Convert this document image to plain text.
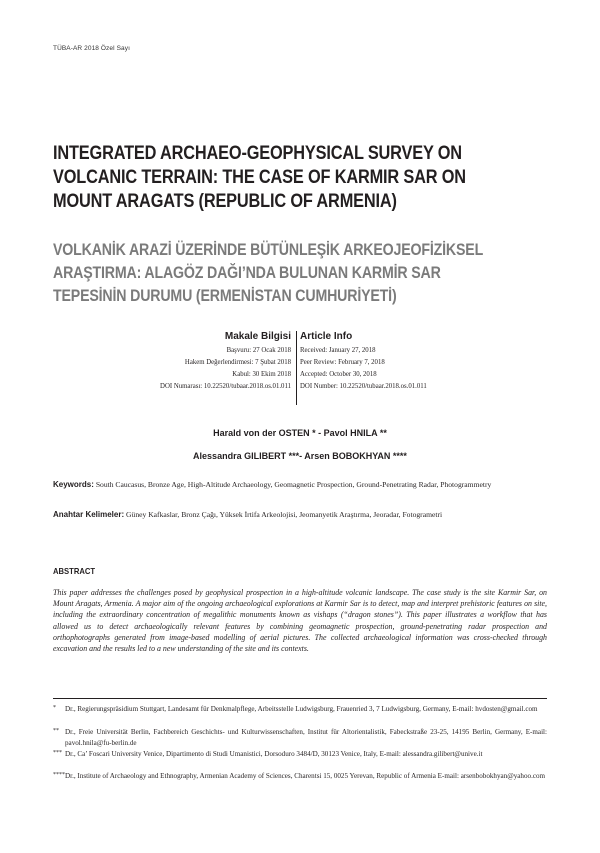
TÜBA-AR 2018 Özel Sayı
INTEGRATED ARCHAEO-GEOPHYSICAL SURVEY ON
VOLCANIC TERRAIN: THE CASE OF KARMIR SAR ON
MOUNT ARAGATS (REPUBLIC OF ARMENIA)
VOLKANİK ARAZİ ÜZERİNDE BÜTÜNLEŞİK ARKEOJEOFİZİKSEL
ARAŞTIRMA: ALAGÖZ DAĞI’NDA BULUNAN KARMİR SAR
TEPESİNİN DURUMU (ERMENİSTAN CUMHURİYETİ)
Makale Bilgisi
Başvuru: 27 Ocak 2018
Hakem Değerlendirmesi: 7 Şubat 2018
Kabul: 30 Ekim 2018
DOI Numarası: 10.22520/tubaar.2018.os.01.011
Article Info
Received: January 27, 2018
Peer Review: February 7, 2018
Accepted: October 30, 2018
DOI Number: 10.22520/tubaar.2018.os.01.011
Harald von der OSTEN * - Pavol HNILA **
Alessandra GILIBERT ***- Arsen BOBOKHYAN ****
Keywords: South Caucasus, Bronze Age, High-Altitude Archaeology, Geomagnetic Prospection, Ground-Penetrating Radar, Photogrammetry
Anahtar Kelimeler: Güney Kafkaslar, Bronz Çağı, Yüksek İrtifa Arkeolojisi, Jeomanyetik Araştırma, Jeoradar, Fotogrametri
ABSTRACT
This paper addresses the challenges posed by geophysical prospection in a high-altitude volcanic landscape. The case study is the site Karmir Sar, on Mount Aragats, Armenia. A major aim of the ongoing archaeological explorations at Karmir Sar is to detect, map and interpret prehistoric features on site, including the extraordinary concentration of megalithic monuments known as vishaps (“dragon stones”). This paper illustrates a workflow that has allowed us to detect archaeologically relevant features by combining geomagnetic prospection, ground-penetrating radar prospection and orthophotographs generated from image-based modelling of aerial pictures. The collected archaeological information was cross-checked through excavation and the results led to a new understanding of the site and its contexts.
* Dr., Regierungspräsidium Stuttgart, Landesamt für Denkmalpflege, Arbeitsstelle Ludwigsburg, Frauenried 3, 7 Ludwigsburg, Germany, E-mail: hvdosten@gmail.com
** Dr., Freie Universität Berlin, Fachbereich Geschichts- und Kulturwissenschaften, Institut für Altorientalistik, Fabeckstraße 23-25, 14195 Berlin, Germany, E-mail: pavol.hnila@fu-berlin.de
*** Dr., Ca’ Foscari University Venice, Dipartimento di Studi Umanistici, Dorsoduro 3484/D, 30123 Venice, Italy, E-mail: alessandra.gilibert@unive.it
**** Dr., Institute of Archaeology and Ethnography, Armenian Academy of Sciences, Charentsi 15, 0025 Yerevan, Republic of Armenia E-mail: arsenbobokhyan@yahoo.com
